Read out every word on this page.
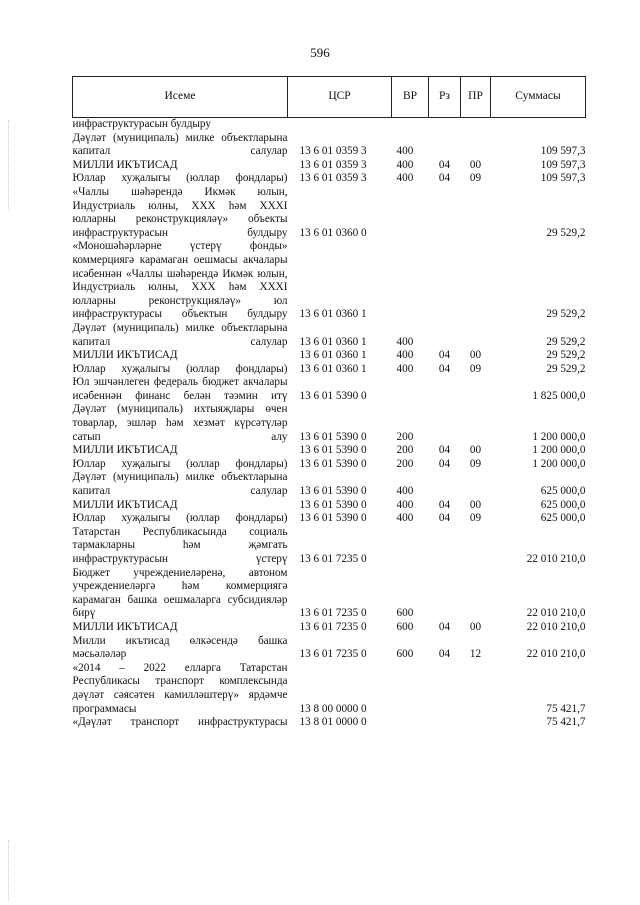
596
Исеме	ЦСР	ВР	Рз	ПР	Суммасы
инфраструктурасын булдыру					
Дәүләт (муниципаль) милке объектларына капитал салулар	13 6 01 0359 3	400			109 597,3
МИЛЛИ ИКЪТИСАД	13 6 01 0359 3	400	04	00	109 597,3
Юллар хуҗалыгы (юллар фондлары)	13 6 01 0359 3	400	04	09	109 597,3
«Чаллы шәһәрендә Икмәк юлын, Индустриаль юлны, XXX һәм XXXI юлларны реконструкцияләү» объекты инфраструктурасын булдыру	13 6 01 0360 0				29 529,2
«Моношәһәрләрне үстерү фонды» коммерциягә карамаган оешмасы акчалары исәбеннән «Чаллы шәһәрендә Икмәк юлын, Индустриаль юлны, XXX һәм XXXI юлларны реконструкцияләү» юл инфраструктурасы объектын булдыру	13 6 01 0360 1				29 529,2
Дәүләт (муниципаль) милке объектларына капитал салулар	13 6 01 0360 1	400			29 529,2
МИЛЛИ ИКЪТИСАД	13 6 01 0360 1	400	04	00	29 529,2
Юллар хуҗалыгы (юллар фондлары)	13 6 01 0360 1	400	04	09	29 529,2
Юл эшчәнлеген федераль бюджет акчалары исәбеннән финанс белән тәэмин итү	13 6 01 5390 0				1 825 000,0
Дәүләт (муниципаль) ихтыяҗлары өчен товарлар, эшләр һәм хезмәт күрсәтүләр сатып алу	13 6 01 5390 0	200			1 200 000,0
МИЛЛИ ИКЪТИСАД	13 6 01 5390 0	200	04	00	1 200 000,0
Юллар хуҗалыгы (юллар фондлары)	13 6 01 5390 0	200	04	09	1 200 000,0
Дәүләт (муниципаль) милке объектларына капитал салулар	13 6 01 5390 0	400			625 000,0
МИЛЛИ ИКЪТИСАД	13 6 01 5390 0	400	04	00	625 000,0
Юллар хуҗалыгы (юллар фондлары)	13 6 01 5390 0	400	04	09	625 000,0
Татарстан Республикасында социаль тармакларны һәм җәмгать инфраструктурасын үстерү	13 6 01 7235 0				22 010 210,0
Бюджет учреждениеләренә, автоном учреждениеләргә һәм коммерциягә карамаган башка оешмаларга субсидияләр бирү	13 6 01 7235 0	600			22 010 210,0
МИЛЛИ ИКЪТИСАД	13 6 01 7235 0	600	04	00	22 010 210,0
Милли икътисад өлкәсендә башка мәсьәләләр	13 6 01 7235 0	600	04	12	22 010 210,0
«2014 – 2022 елларга Татарстан Республикасы транспорт комплексында дәүләт сәясәтен камилләштерү» ярдәмче программасы	13 8 00 0000 0				75 421,7
«Дәүләт транспорт инфраструктурасы	13 8 01 0000 0				75 421,7
